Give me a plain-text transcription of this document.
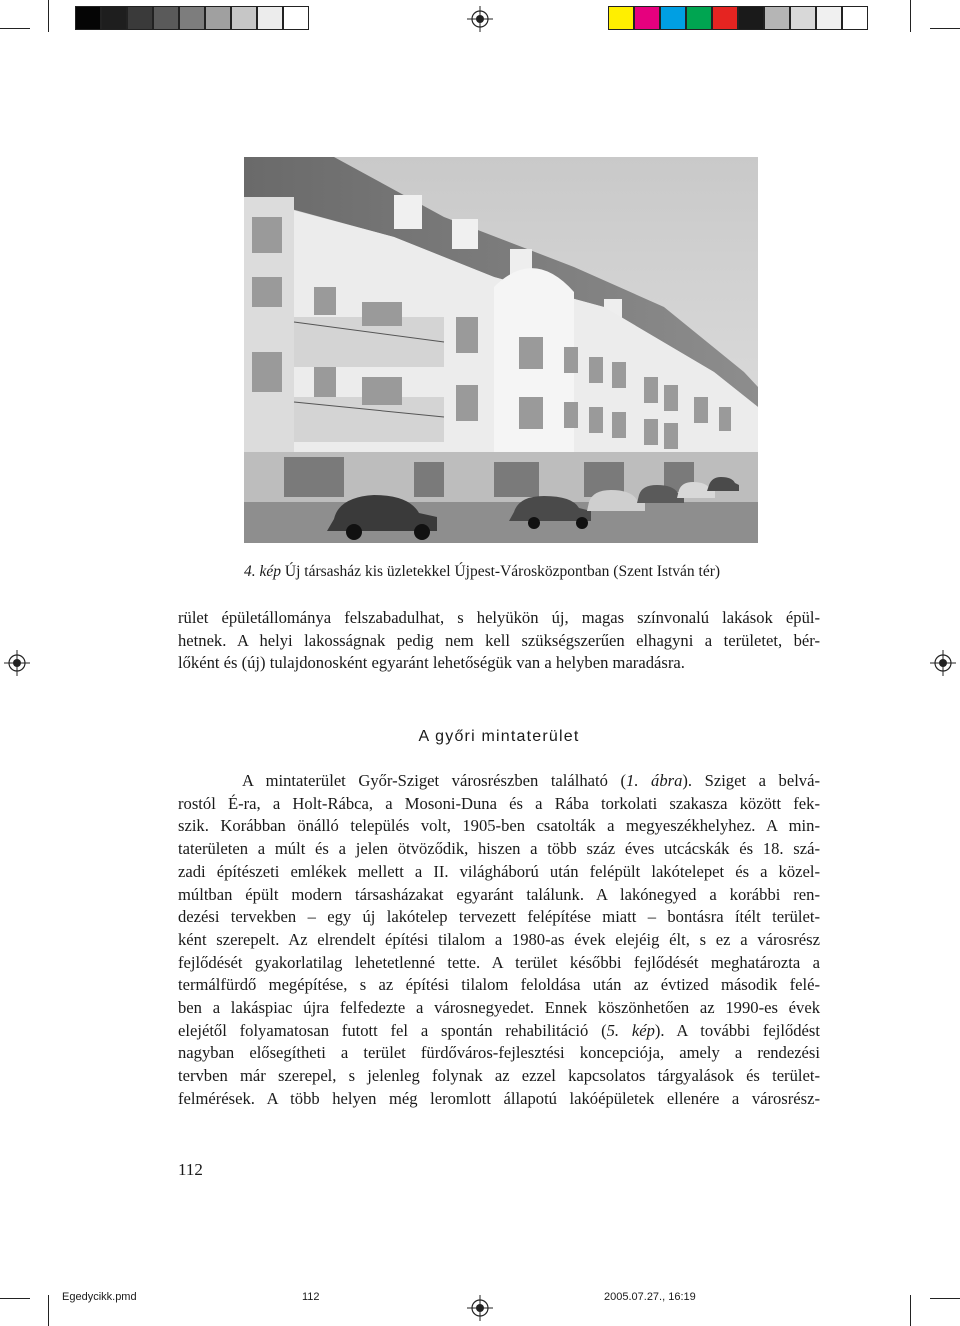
4. kép Új társasház kis üzletekkel Újpest-Városközpontban (Szent István tér)
rület épületállománya felszabadulhat, s helyükön új, magas színvonalú lakások épül-
hetnek. A helyi lakosságnak pedig nem kell szükségszerűen elhagyni a területet, bér-
lőként és (új) tulajdonosként egyaránt lehetőségük van a helyben maradásra.
A győri mintaterület
A mintaterület Győr-Sziget városrészben található (1. ábra). Sziget a belvá-
rostól É-ra, a Holt-Rábca, a Mosoni-Duna és a Rába torkolati szakasza között fek-
szik. Korábban önálló település volt, 1905-ben csatolták a megyeszékhelyhez. A min-
taterületen a múlt és a jelen ötvöződik, hiszen a több száz éves utcácskák és 18. szá-
zadi építészeti emlékek mellett a II. világháború után felépült lakótelepet és a közel-
múltban épült modern társasházakat egyaránt találunk. A lakónegyed a korábbi ren-
dezési tervekben – egy új lakótelep tervezett felépítése miatt – bontásra ítélt terület-
ként szerepelt. Az elrendelt építési tilalom a 1980-as évek elejéig élt, s ez a városrész
fejlődését gyakorlatilag lehetetlenné tette. A terület későbbi fejlődését meghatározta a
termálfürdő megépítése, s az építési tilalom feloldása után az évtized második felé-
ben a lakáspiac újra felfedezte a városnegyedet. Ennek köszönhetően az 1990-es évek
elejétől folyamatosan futott fel a spontán rehabilitáció (5. kép). A további fejlődést
nagyban elősegítheti a terület fürdőváros-fejlesztési koncepciója, amely a rendezési
tervben már szerepel, s jelenleg folynak az ezzel kapcsolatos tárgyalások és terület-
felmérések. A több helyen még leromlott állapotú lakóépületek ellenére a városrész-
112
Egedycikk.pmd	112	2005.07.27., 16:19
